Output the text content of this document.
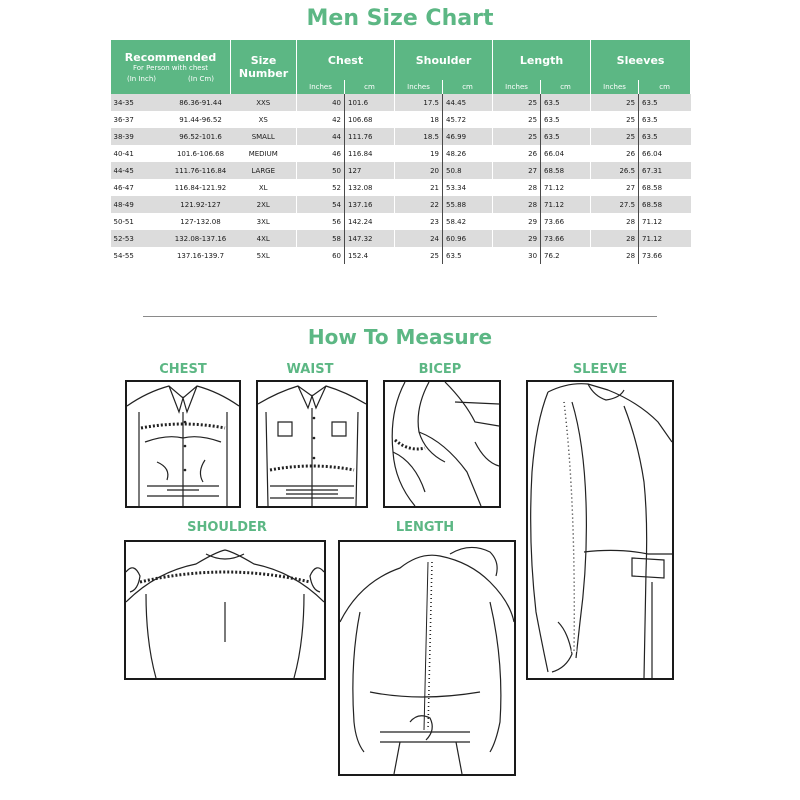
Men Size Chart
Recommended
For Person with chest
(In Inch) (In Cm)		Size Number	Chest		Shoulder		Length		Sleeves	
			Inches	cm	Inches	cm	Inches	cm	Inches	cm
34-35	86.36-91.44	XXS	40	101.6	17.5	44.45	25	63.5	25	63.5
36-37	91.44-96.52	XS	42	106.68	18	45.72	25	63.5	25	63.5
38-39	96.52-101.6	SMALL	44	111.76	18.5	46.99	25	63.5	25	63.5
40-41	101.6-106.68	MEDIUM	46	116.84	19	48.26	26	66.04	26	66.04
44-45	111.76-116.84	LARGE	50	127	20	50.8	27	68.58	26.5	67.31
46-47	116.84-121.92	XL	52	132.08	21	53.34	28	71.12	27	68.58
48-49	121.92-127	2XL	54	137.16	22	55.88	28	71.12	27.5	68.58
50-51	127-132.08	3XL	56	142.24	23	58.42	29	73.66	28	71.12
52-53	132.08-137.16	4XL	58	147.32	24	60.96	29	73.66	28	71.12
54-55	137.16-139.7	5XL	60	152.4	25	63.5	30	76.2	28	73.66
How To Measure
CHEST	WAIST	BICEP	SLEEVE
SHOULDER	LENGTH
